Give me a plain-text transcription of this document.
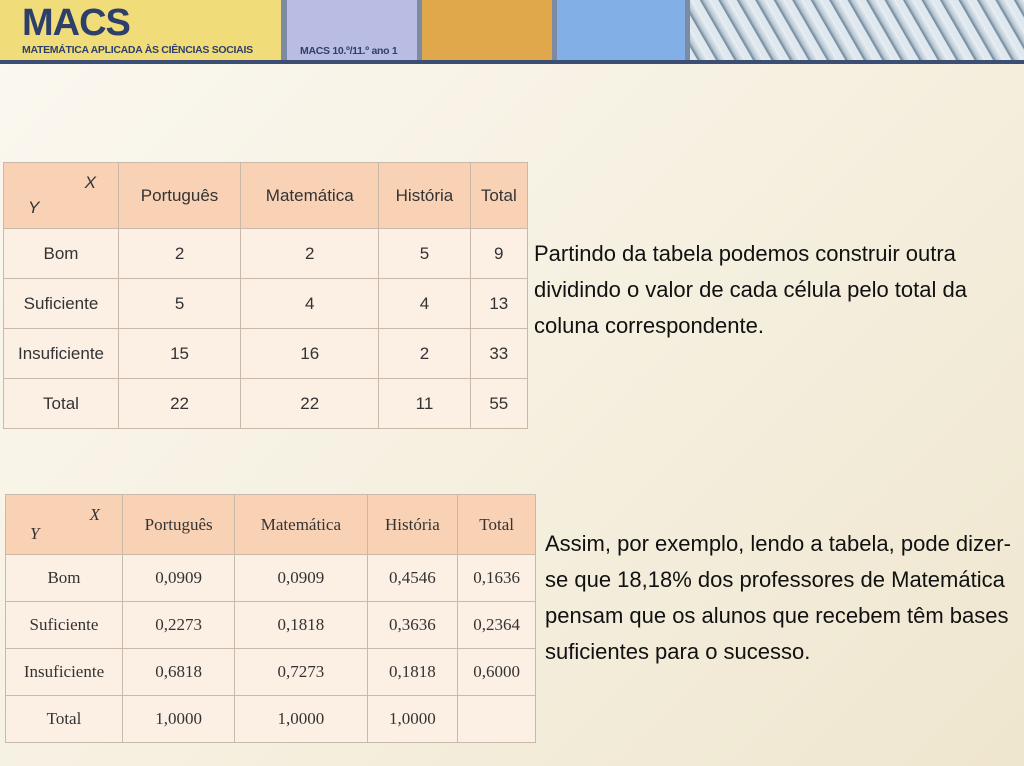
MACS
MATEMÁTICA APLICADA ÀS CIÊNCIAS SOCIAIS	MACS 10.º/11.º ano 1
X
Y	Português	Matemática	História	Total
Bom	2	2	5	9
Suficiente	5	4	4	13
Insuficiente	15	16	2	33
Total	22	22	11	55
X
Y	Português	Matemática	História	Total
Bom	0,0909	0,0909	0,4546	0,1636
Suficiente	0,2273	0,1818	0,3636	0,2364
Insuficiente	0,6818	0,7273	0,1818	0,6000
Total	1,0000	1,0000	1,0000	
Partindo da tabela podemos construir outra dividindo o valor de cada célula pelo total da coluna correspondente.
Assim, por exemplo, lendo a tabela, pode dizer-se que 18,18% dos professores de Matemática pensam que os alunos que recebem têm bases suficientes para o sucesso.
